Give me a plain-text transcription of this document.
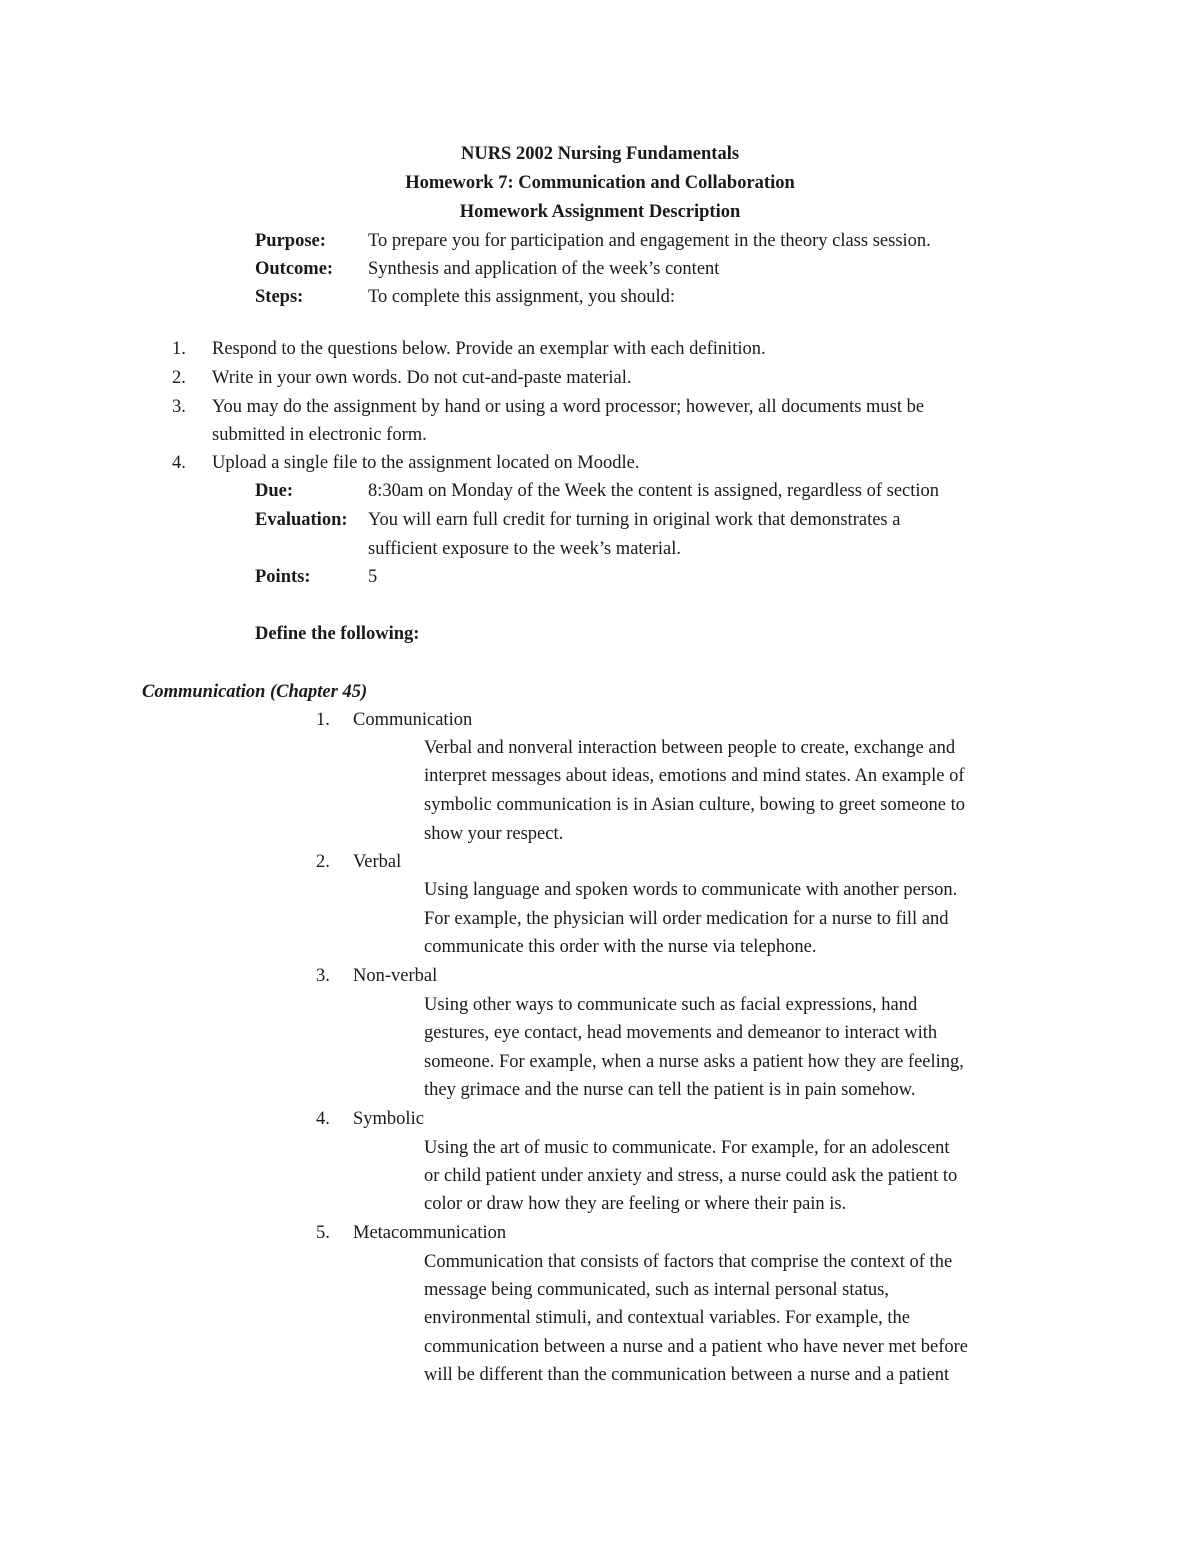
NURS 2002 Nursing Fundamentals
Homework 7: Communication and Collaboration
Homework Assignment Description
Purpose: To prepare you for participation and engagement in the theory class session.
Outcome: Synthesis and application of the week’s content
Steps:	To complete this assignment, you should:
1. Respond to the questions below. Provide an exemplar with each definition.
2. Write in your own words. Do not cut-and-paste material.
3. You may do the assignment by hand or using a word processor; however, all documents must be
submitted in electronic form.
4. Upload a single file to the assignment located on Moodle.
Due:	8:30am on Monday of the Week the content is assigned, regardless of section
Evaluation: You will earn full credit for turning in original work that demonstrates a
sufficient exposure to the week’s material.
Points:	5
Define the following:
Communication (Chapter 45)
1. Communication
Verbal and nonveral interaction between people to create, exchange and
interpret messages about ideas, emotions and mind states. An example of
symbolic communication is in Asian culture, bowing to greet someone to
show your respect.
2. Verbal
Using language and spoken words to communicate with another person.
For example, the physician will order medication for a nurse to fill and
communicate this order with the nurse via telephone.
3. Non-verbal
Using other ways to communicate such as facial expressions, hand
gestures, eye contact, head movements and demeanor to interact with
someone. For example, when a nurse asks a patient how they are feeling,
they grimace and the nurse can tell the patient is in pain somehow.
4. Symbolic
Using the art of music to communicate. For example, for an adolescent
or child patient under anxiety and stress, a nurse could ask the patient to
color or draw how they are feeling or where their pain is.
5. Metacommunication
Communication that consists of factors that comprise the context of the
message being communicated, such as internal personal status,
environmental stimuli, and contextual variables. For example, the
communication between a nurse and a patient who have never met before
will be different than the communication between a nurse and a patient
